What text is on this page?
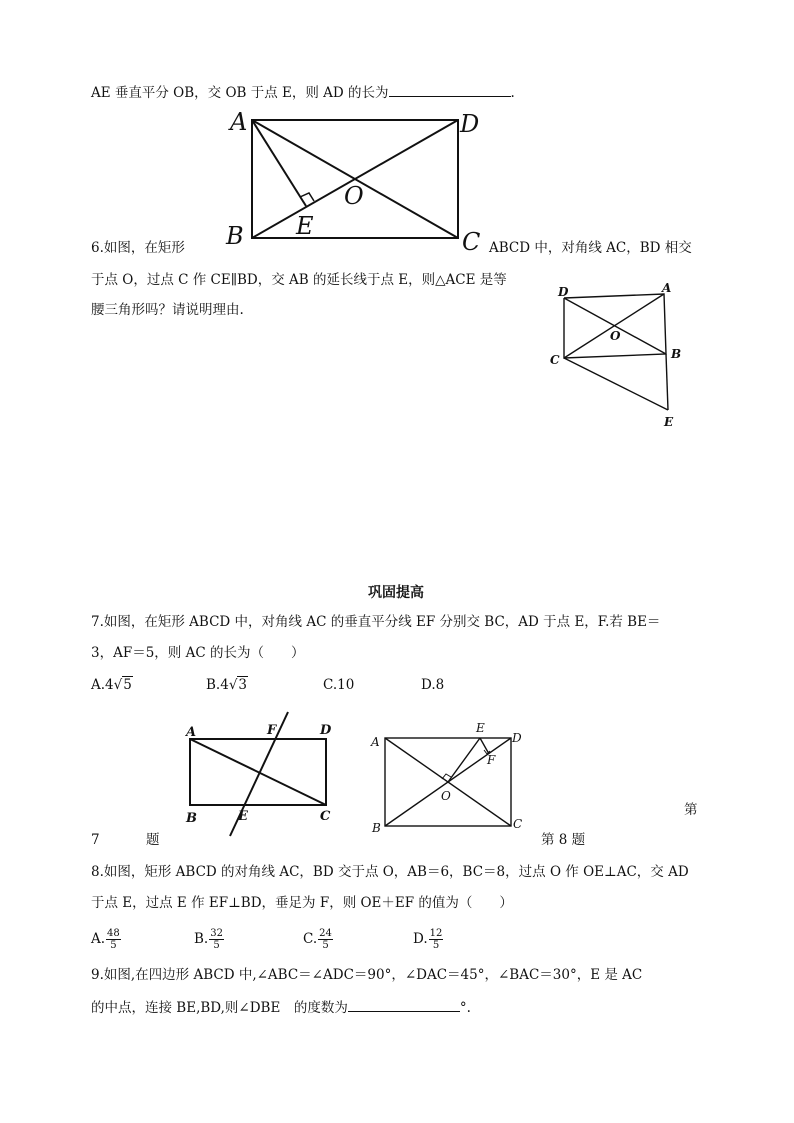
AE 垂直平分 OB，交 OB 于点 E，则 AD 的长为	.
A	D
O
E
B	C
6.如图，在矩形	ABCD 中，对角线 AC，BD 相交
于点 O，过点 C 作 CE∥BD，交 AB 的延长线于点 E，则△ACE 是等
腰三角形吗？请说明理由.
D	A
O
C	B
E
巩固提高
7.如图，在矩形 ABCD 中，对角线 AC 的垂直平分线 EF 分别交 BC，AD 于点 E，F.若 BE＝
3，AF＝5，则 AC 的长为（　　）
A.4√5	B.4√3	C.10	D.8
A	F	D
B	E	C
A
E
D
F
O
B	C
第
7	题	第 8 题
8.如图，矩形 ABCD 的对角线 AC，BD 交于点 O，AB＝6，BC＝8，过点 O 作 OE⊥AC，交 AD
于点 E，过点 E 作 EF⊥BD，垂足为 F，则 OE＋EF 的值为（　　）
A. $\frac{48}{5}$	B. $\frac{32}{5}$	C. $\frac{24}{5}$	D. $\frac{12}{5}$
9.如图,在四边形 ABCD 中,∠ABC＝∠ADC＝90°，∠DAC＝45°，∠BAC＝30°，E 是 AC
的中点，连接 BE,BD,则∠DBE　的度数为	°.
